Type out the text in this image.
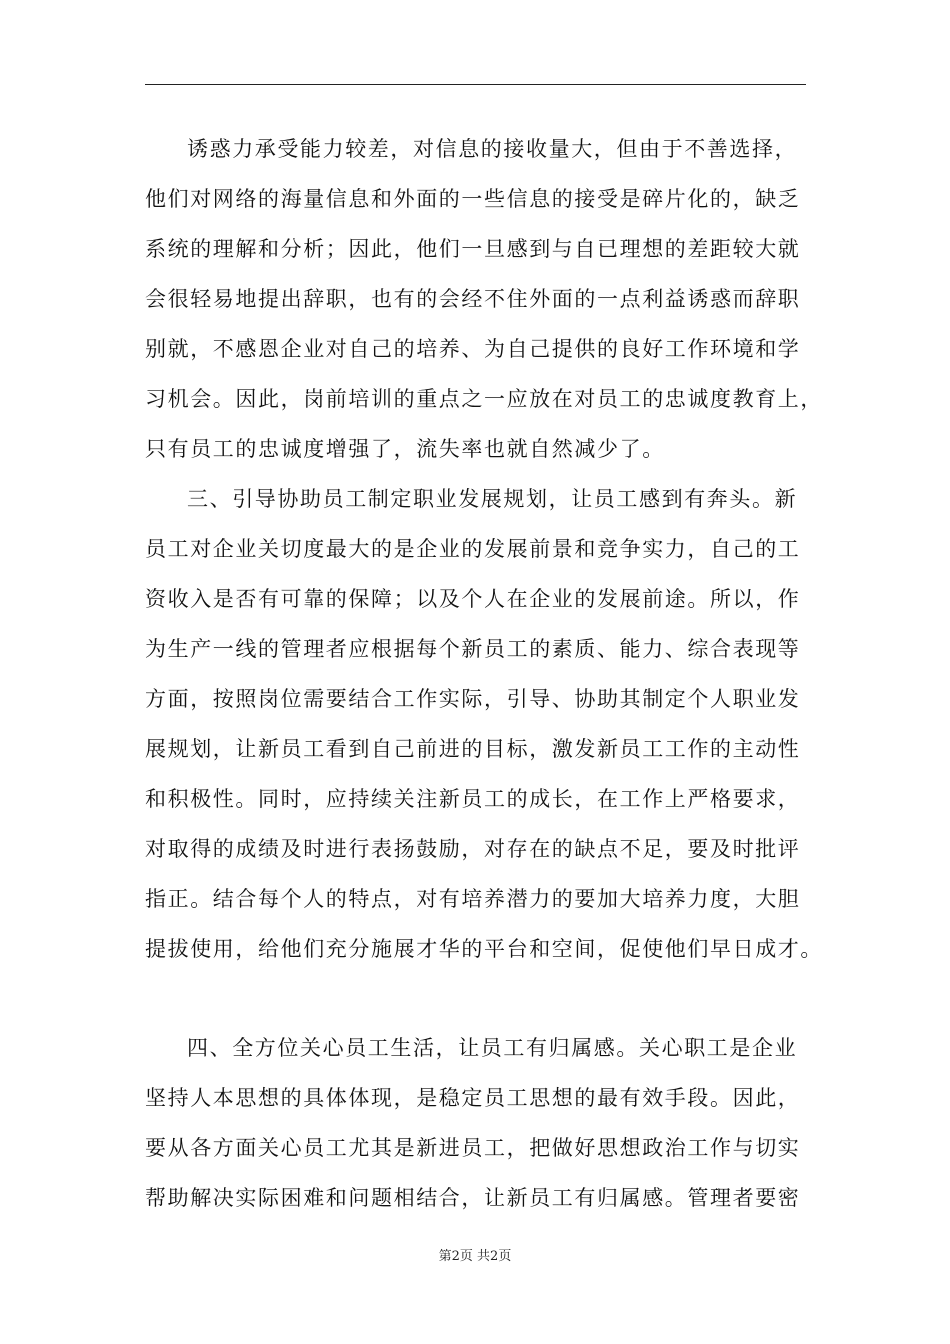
诱惑力承受能力较差，对信息的接收量大，但由于不善选择，
他们对网络的海量信息和外面的一些信息的接受是碎片化的，缺乏
系统的理解和分析；因此，他们一旦感到与自已理想的差距较大就
会很轻易地提出辞职，也有的会经不住外面的一点利益诱惑而辞职
别就，不感恩企业对自己的培养、为自己提供的良好工作环境和学
习机会。因此，岗前培训的重点之一应放在对员工的忠诚度教育上，
只有员工的忠诚度增强了，流失率也就自然减少了。
三、引导协助员工制定职业发展规划，让员工感到有奔头。新
员工对企业关切度最大的是企业的发展前景和竞争实力，自己的工
资收入是否有可靠的保障；以及个人在企业的发展前途。所以，作
为生产一线的管理者应根据每个新员工的素质、能力、综合表现等
方面，按照岗位需要结合工作实际，引导、协助其制定个人职业发
展规划，让新员工看到自己前进的目标，激发新员工工作的主动性
和积极性。同时，应持续关注新员工的成长，在工作上严格要求，
对取得的成绩及时进行表扬鼓励，对存在的缺点不足，要及时批评
指正。结合每个人的特点，对有培养潜力的要加大培养力度，大胆
提拔使用，给他们充分施展才华的平台和空间，促使他们早日成才。
四、全方位关心员工生活，让员工有归属感。关心职工是企业
坚持人本思想的具体体现，是稳定员工思想的最有效手段。因此，
要从各方面关心员工尤其是新进员工，把做好思想政治工作与切实
帮助解决实际困难和问题相结合，让新员工有归属感。管理者要密
第2页 共2页
